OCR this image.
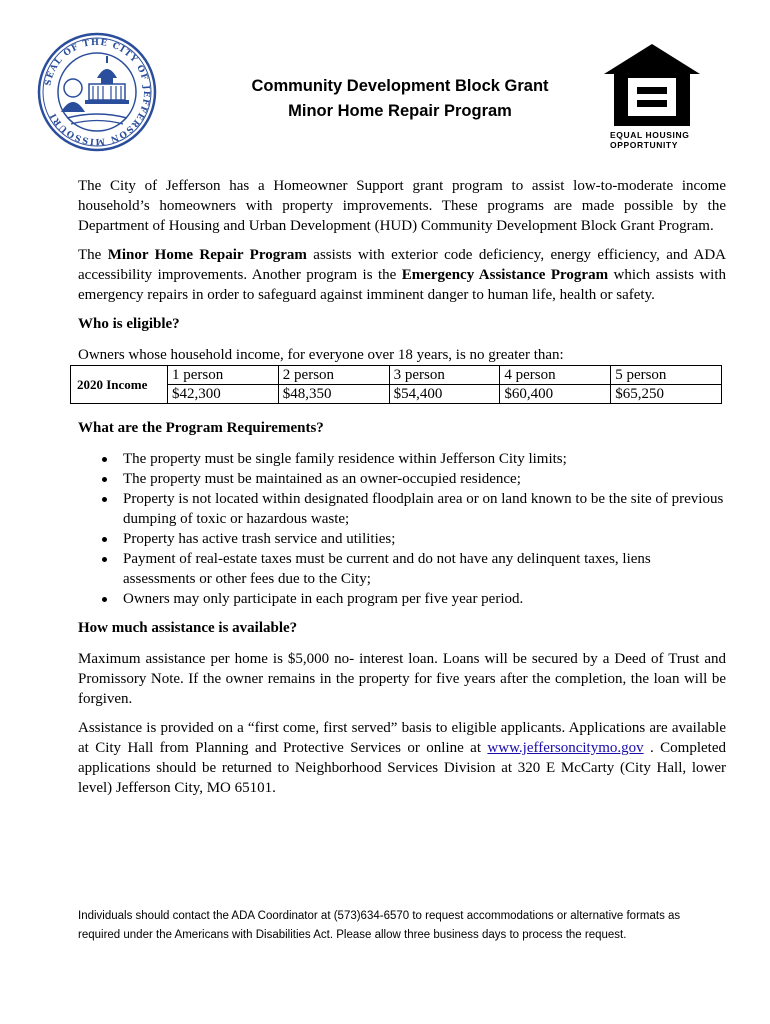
SEAL OF THE CITY OF JEFFERSON MISSOURI
Community Development Block Grant
Minor Home Repair Program
EQUAL HOUSING
OPPORTUNITY

The City of Jefferson has a Homeowner Support grant program to assist low-to-moderate income household’s homeowners with property improvements. These programs are made possible by the Department of Housing and Urban Development (HUD) Community Development Block Grant Program.

The Minor Home Repair Program assists with exterior code deficiency, energy efficiency, and ADA accessibility improvements. Another program is the Emergency Assistance Program which assists with emergency repairs in order to safeguard against imminent danger to human life, health or safety.

Who is eligible?

Owners whose household income, for everyone over 18 years, is no greater than:

2020 Income	1 person	2 person	3 person	4 person	5 person
	$42,300	$48,350	$54,400	$60,400	$65,250

What are the Program Requirements?

The property must be single family residence within Jefferson City limits;
The property must be maintained as an owner-occupied residence;
Property is not located within designated floodplain area or on land known to be the site of previous dumping of toxic or hazardous waste;
Property has active trash service and utilities;
Payment of real-estate taxes must be current and do not have any delinquent taxes, liens assessments or other fees due to the City;
Owners may only participate in each program per five year period.

How much assistance is available?

Maximum assistance per home is $5,000 no- interest loan. Loans will be secured by a Deed of Trust and Promissory Note. If the owner remains in the property for five years after the completion, the loan will be forgiven.

Assistance is provided on a “first come, first served” basis to eligible applicants. Applications are available at City Hall from Planning and Protective Services or online at www.jeffersoncitymo.gov . Completed applications should be returned to Neighborhood Services Division at 320 E McCarty (City Hall, lower level) Jefferson City, MO 65101.

Individuals should contact the ADA Coordinator at (573)634-6570 to request accommodations or alternative formats as required under the Americans with Disabilities Act. Please allow three business days to process the request.
